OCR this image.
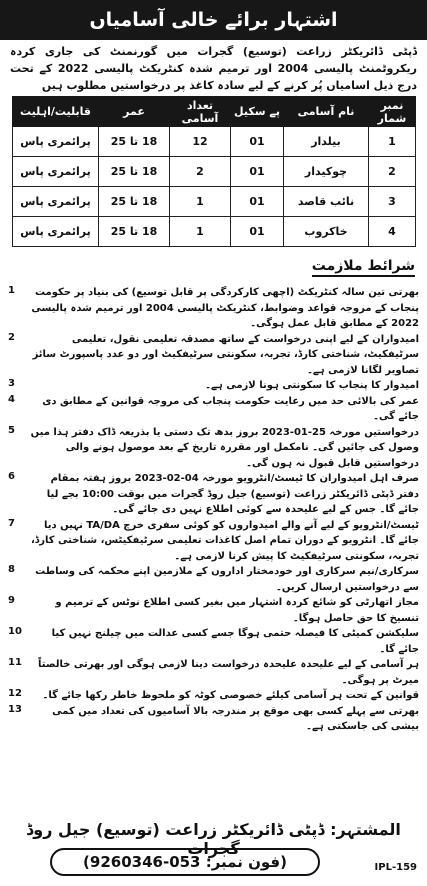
اشتہار برائے خالی آسامیاں
ڈپٹی ڈائریکٹر زراعت (توسیع) گجرات میں گورنمنٹ کی جاری کردہ ریکروٹمنٹ پالیسی 2004 اور ترمیم شدہ کنٹریکٹ پالیسی 2022 کے تحت درج ذیل اسامیاں پُر کرنے کے لیے سادہ کاغذ پر درخواستیں مطلوب ہیں
نمبر شمار	نام آسامی	پے سکیل	تعداد آسامی	عمر	قابلیت/اہلیت
1	بیلدار	01	12	18 تا 25	پرائمری پاس
2	چوکیدار	01	2	18 تا 25	پرائمری پاس
3	نائب قاصد	01	1	18 تا 25	پرائمری پاس
4	خاکروب	01	1	18 تا 25	پرائمری پاس
شرائط ملازمت
بھرتی تین سالہ کنٹریکٹ (اچھی کارکردگی پر قابل توسیع) کی بنیاد پر حکومت پنجاب کے مروجہ قواعد وضوابط، کنٹریکٹ پالیسی 2004 اور ترمیم شدہ پالیسی 2022 کے مطابق قابل عمل ہوگی۔
1
امیدواران کے لیے اپنی درخواست کے ساتھ مصدقہ تعلیمی نقول، تعلیمی سرٹیفکیٹ، شناختی کارڈ، تجربہ، سکونتی سرٹیفکیٹ اور دو عدد پاسپورٹ سائز تصاویر لگانا لازمی ہے۔
2
امیدوار کا پنجاب کا سکونتی ہونا لازمی ہے۔
3
عمر کی بالائی حد میں رعایت حکومت پنجاب کی مروجہ قوانین کے مطابق دی جائے گی۔
4
درخواستیں مورخہ 25-01-2023 بروز بدھ تک دستی یا بذریعہ ڈاک دفتر ہذا میں وصول کی جائیں گی۔ نامکمل اور مقررہ تاریخ کے بعد موصول ہونے والی درخواستیں قابل قبول نہ ہوں گی۔
5
صرف اہل امیدواران کا ٹیسٹ/انٹرویو مورخہ 04-02-2023 بروز ہفتہ بمقام دفتر ڈپٹی ڈائریکٹر زراعت (توسیع) جیل روڈ گجرات میں بوقت 10:00 بجے لیا جائے گا۔ جس کے لیے علیحدہ سے کوئی اطلاع نہیں دی جائے گی۔
6
ٹیسٹ/انٹرویو کے لیے آنے والے امیدواروں کو کوئی سفری خرچ TA/DA نہیں دیا جائے گا۔ انٹرویو کے دوران تمام اصل کاغذات تعلیمی سرٹیفکیٹس، شناختی کارڈ، تجربہ، سکونتی سرٹیفکیٹ کا پیش کرنا لازمی ہے۔
7
سرکاری/نیم سرکاری اور خودمختار اداروں کے ملازمین اپنے محکمہ کی وساطت سے درخواستیں ارسال کریں۔
8
مجاز اتھارٹی کو شائع کردہ اشتہار میں بغیر کسی اطلاع نوٹس کے ترمیم و تنسیخ کا حق حاصل ہوگا۔
9
سلیکشن کمیٹی کا فیصلہ حتمی ہوگا جسے کسی عدالت میں چیلنج نہیں کیا جائے گا۔
10
ہر آسامی کے لیے علیحدہ علیحدہ درخواست دینا لازمی ہوگی اور بھرتی خالصتاً میرٹ پر ہوگی۔
11
قوانین کے تحت ہر آسامی کیلئے خصوصی کوٹہ کو ملحوظ خاطر رکھا جائے گا۔
12
بھرتی سے پہلے کسی بھی موقع پر مندرجہ بالا آسامیوں کی تعداد میں کمی بیشی کی جاسکتی ہے۔
13
المشتہر: ڈپٹی ڈائریکٹر زراعت (توسیع) جیل روڈ گجرات
(فون نمبر: 053-9260346)	IPL-159
